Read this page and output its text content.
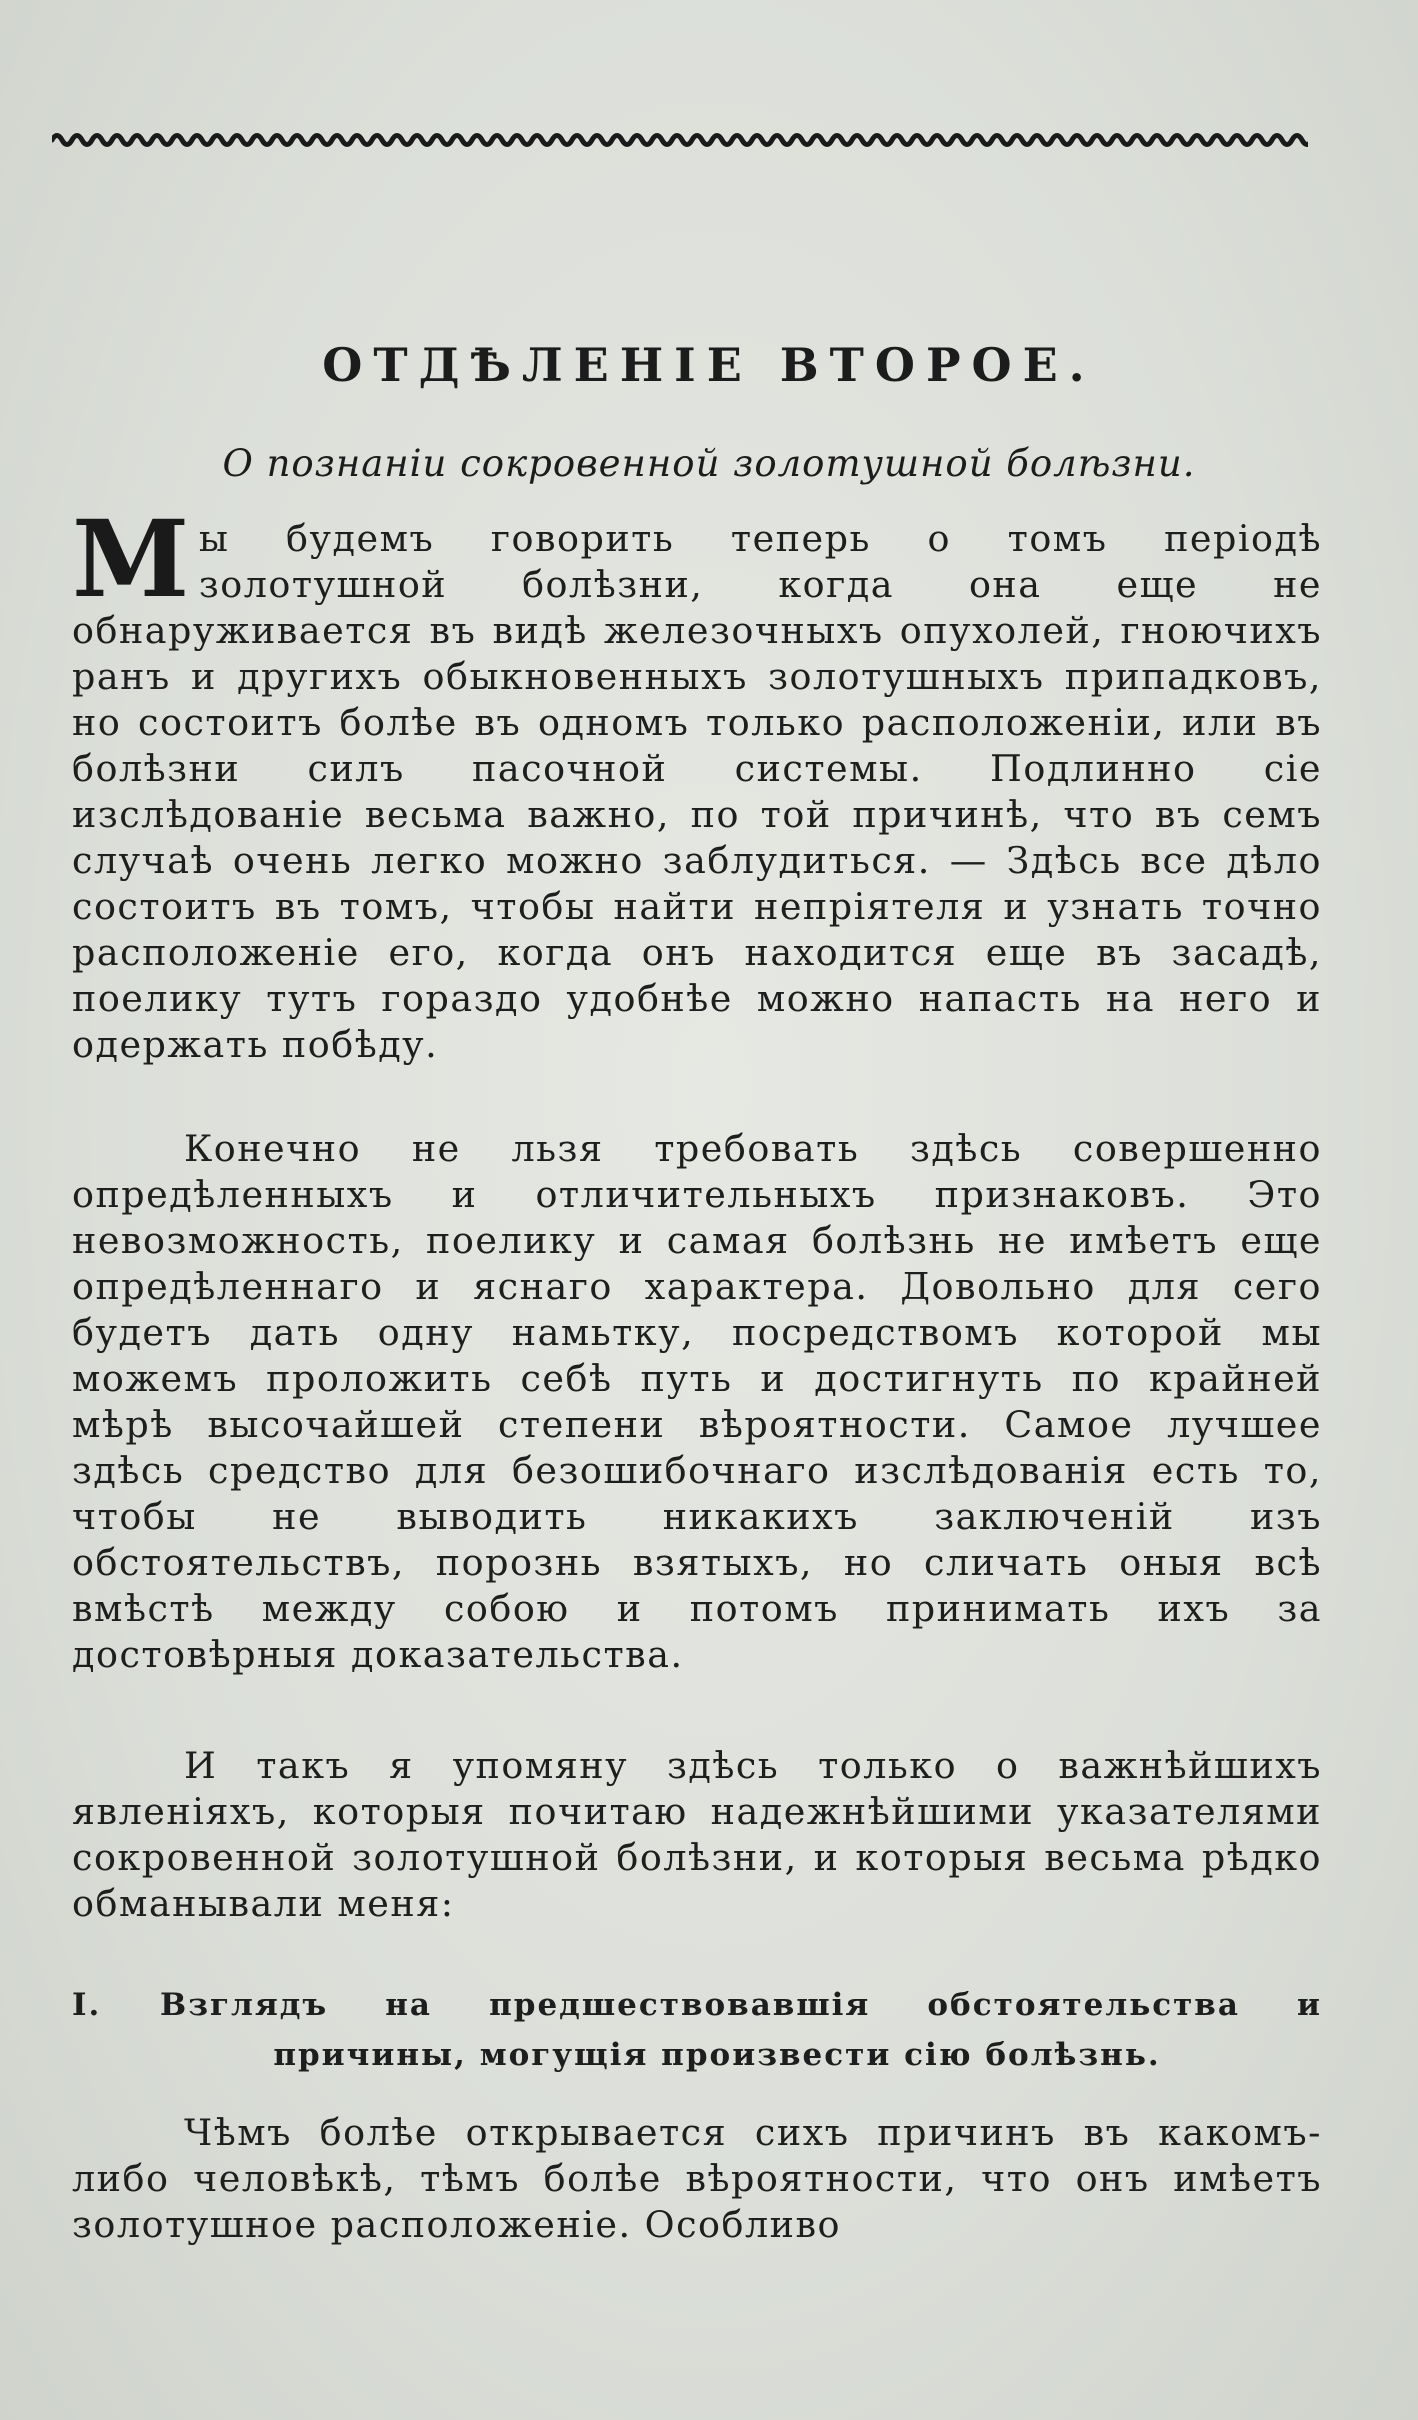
ОТДѢЛЕНІЕ ВТОРОЕ.
О познаніи сокровенной золотушной болѣзни.

Мы будемъ говорить теперь о томъ періодѣ золотушной болѣзни, когда она еще не обнаруживается въ видѣ железочныхъ опухолей, гноючихъ ранъ и другихъ обыкновенныхъ золотушныхъ припадковъ, но состоитъ болѣе въ одномъ только расположеніи, или въ болѣзни силъ пасочной системы. Подлинно сіе изслѣдованіе весьма важно, по той причинѣ, что въ семъ случаѣ очень легко можно заблудиться. — Здѣсь все дѣло состоитъ въ томъ, чтобы найти непріятеля и узнать точно расположеніе его, когда онъ находится еще въ засадѣ, поелику тутъ гораздо удобнѣе можно напасть на него и одержать побѣду.

Конечно не льзя требовать здѣсь совершенно опредѣленныхъ и отличительныхъ признаковъ. Это невозможность, поелику и самая болѣзнь не имѣетъ еще опредѣленнаго и яснаго характера. Довольно для сего будетъ дать одну намьтку, посредствомъ которой мы можемъ проложить себѣ путь и достигнуть по крайней мѣрѣ высочайшей степени вѣроятности. Самое лучшее здѣсь средство для безошибочнаго изслѣдованія есть то, чтобы не выводить никакихъ заключеній изъ обстоятельствъ, порознь взятыхъ, но сличать оныя всѣ вмѣстѣ между собою и потомъ принимать ихъ за достовѣрныя доказательства.

И такъ я упомяну здѣсь только о важнѣйшихъ явленіяхъ, которыя почитаю надежнѣйшими указателями сокровенной золотушной болѣзни, и которыя весьма рѣдко обманывали меня:

I.	Взглядъ на предшествовавшія обстоятельства и
причины, могущія произвести сію болѣзнь.

Чѣмъ болѣе открывается сихъ причинъ въ какомъ-либо человѣкѣ, тѣмъ болѣе вѣроятности, что онъ имѣетъ золотушное расположеніе. Особливо
